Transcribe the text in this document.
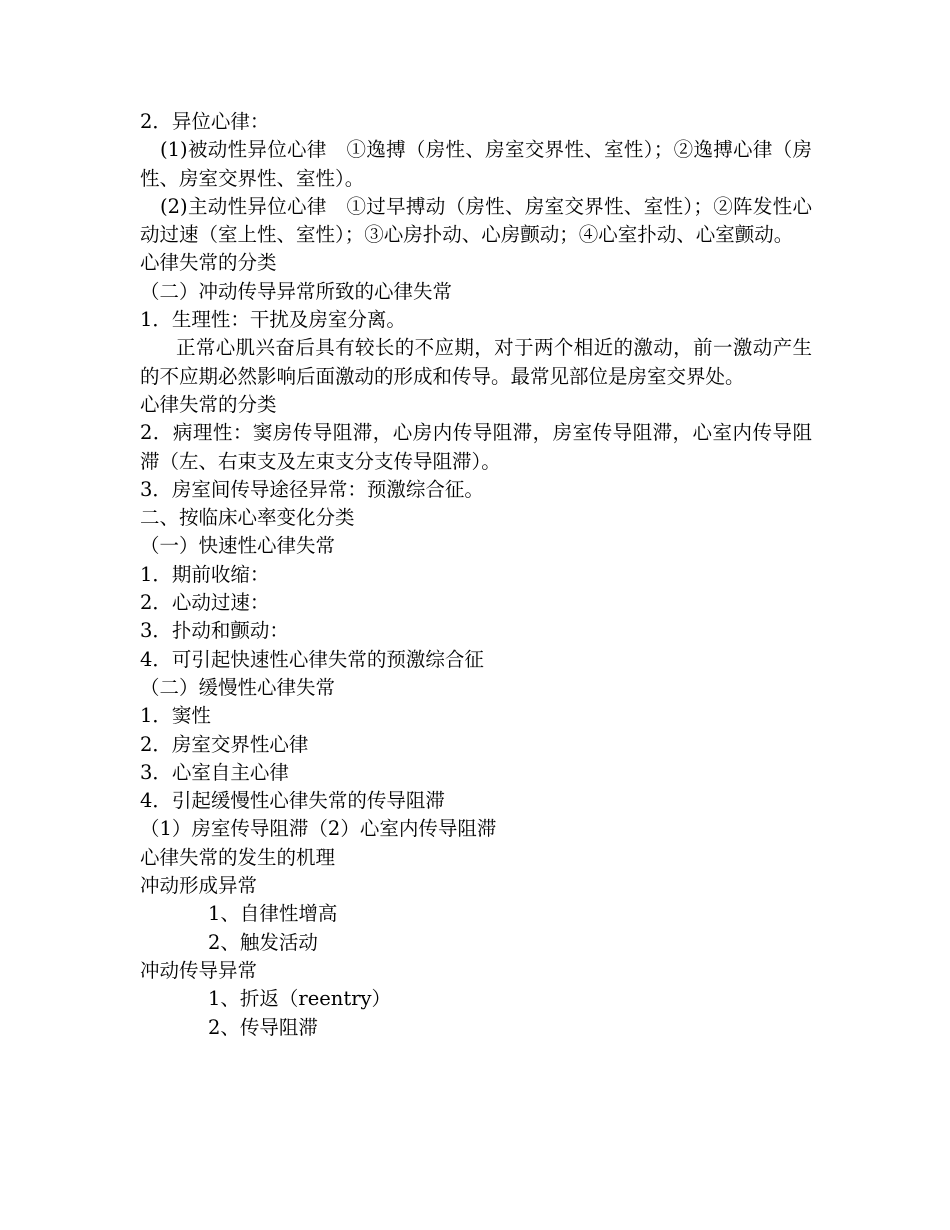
2．异位心律：
(1)被动性异位心律　①逸搏（房性、房室交界性、室性）；②逸搏心律（房性、房室交界性、室性）。
(2)主动性异位心律　①过早搏动（房性、房室交界性、室性）；②阵发性心动过速（室上性、室性）；③心房扑动、心房颤动；④心室扑动、心室颤动。
心律失常的分类
（二）冲动传导异常所致的心律失常
1．生理性：干扰及房室分离。
正常心肌兴奋后具有较长的不应期，对于两个相近的激动，前一激动产生的不应期必然影响后面激动的形成和传导。最常见部位是房室交界处。
心律失常的分类
2．病理性：窦房传导阻滞，心房内传导阻滞，房室传导阻滞，心室内传导阻滞（左、右束支及左束支分支传导阻滞）。
3．房室间传导途径异常：预激综合征。
二、按临床心率变化分类
（一）快速性心律失常
1．期前收缩：
2．心动过速：
3．扑动和颤动：
4．可引起快速性心律失常的预激综合征
（二）缓慢性心律失常
1．窦性
2．房室交界性心律
3．心室自主心律
4．引起缓慢性心律失常的传导阻滞
（1）房室传导阻滞（2）心室内传导阻滞
心律失常的发生的机理
冲动形成异常
1、自律性增高
2、触发活动
冲动传导异常
1、折返（reentry）
2、传导阻滞
